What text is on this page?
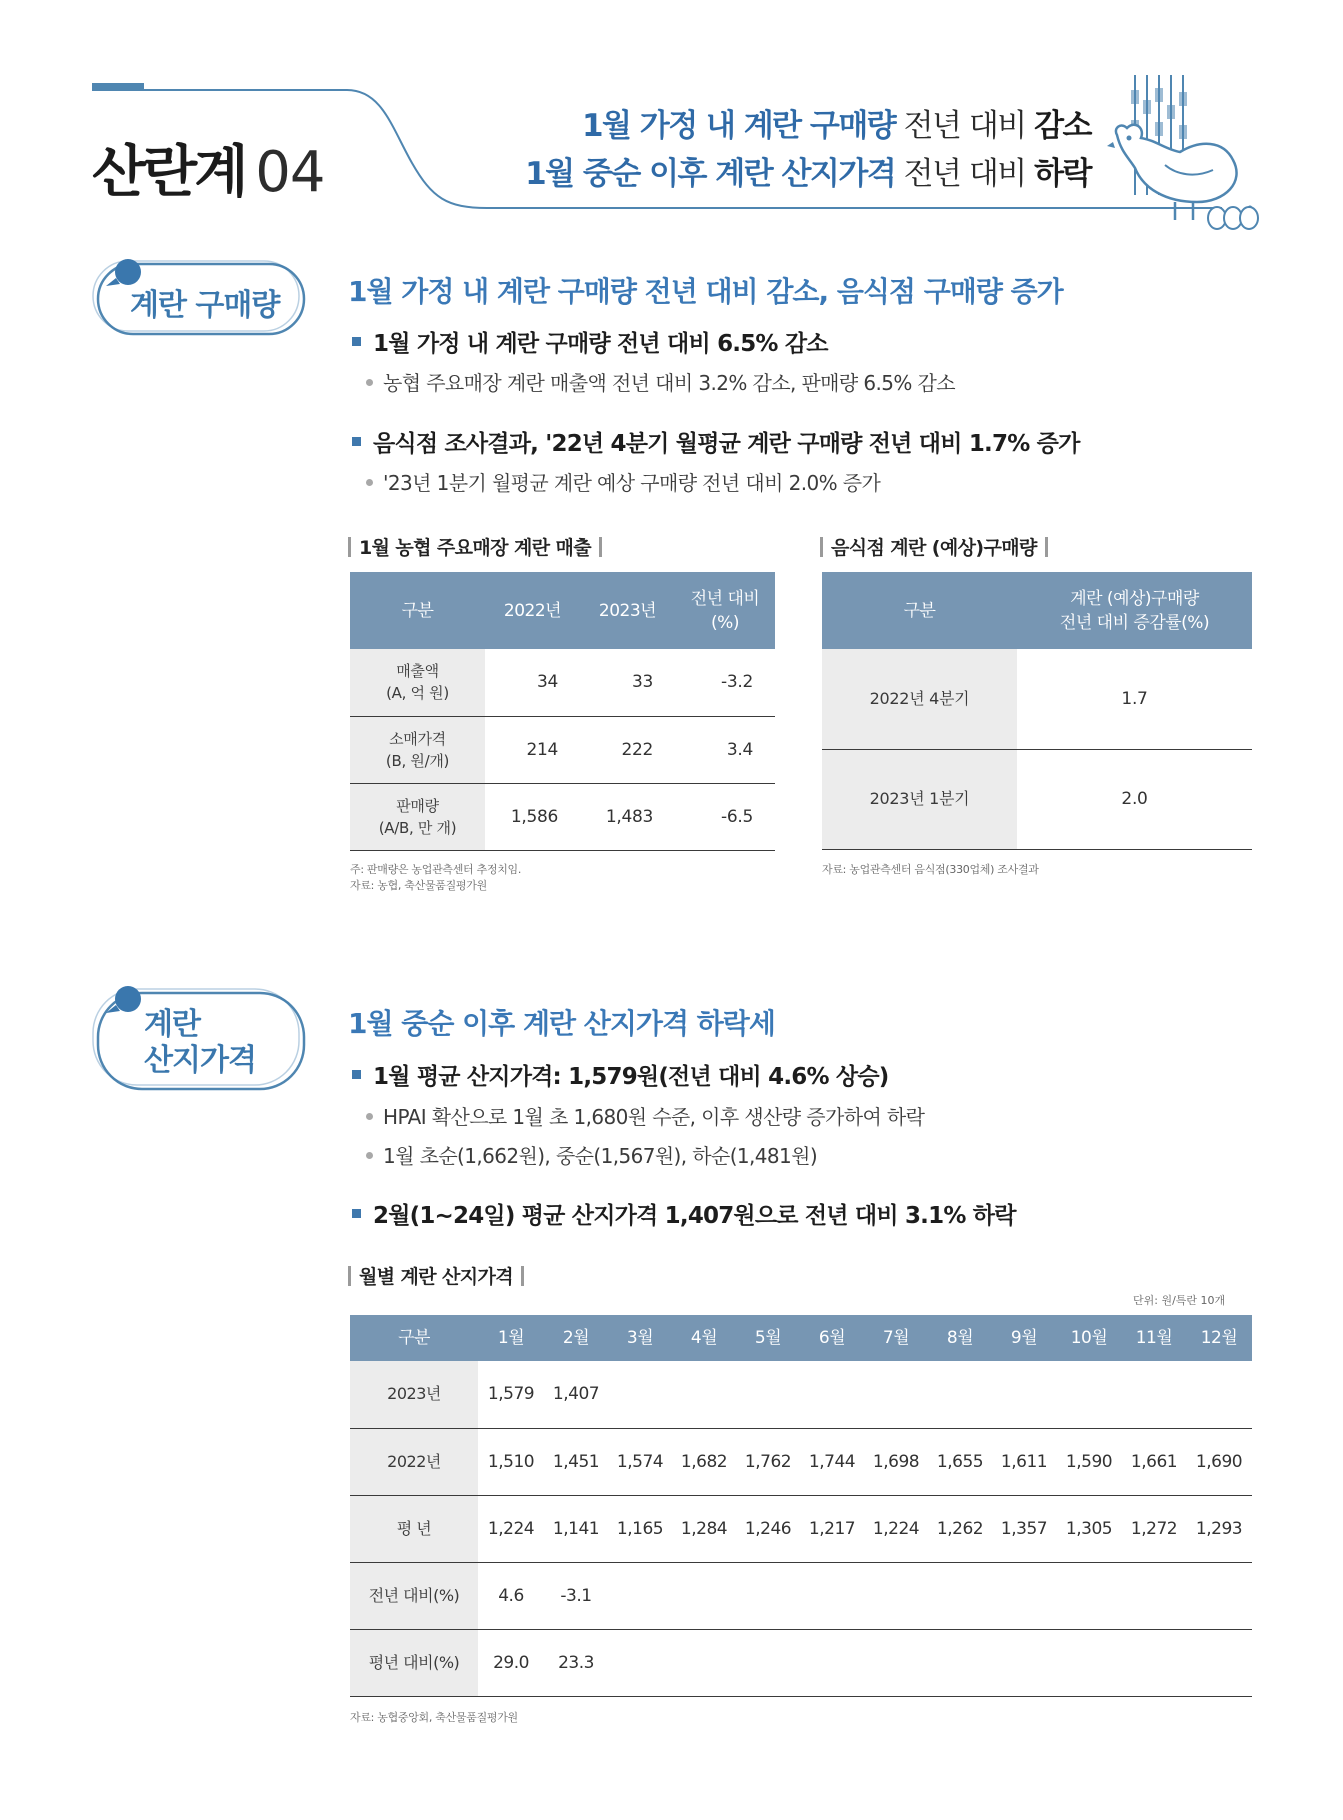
산란계 04
1월 가정 내 계란 구매량 전년 대비 감소
1월 중순 이후 계란 산지가격 전년 대비 하락
계란 구매량 1월 가정 내 계란 구매량 전년 대비 감소, 음식점 구매량 증가
1월 가정 내 계란 구매량 전년 대비 6.5% 감소
농협 주요매장 계란 매출액 전년 대비 3.2% 감소, 판매량 6.5% 감소
음식점 조사결과, '22년 4분기 월평균 계란 구매량 전년 대비 1.7% 증가
'23년 1분기 월평균 계란 예상 구매량 전년 대비 2.0% 증가
1월 농협 주요매장 계란 매출
구분	2022년	2023년	전년 대비
(%)
매출액
(A, 억 원)	34	33	-3.2
소매가격
(B, 원/개)	214	222	3.4
판매량
(A/B, 만 개)	1,586	1,483	-6.5
주: 판매량은 농업관측센터 추정치임.
자료: 농협, 축산물품질평가원
음식점 계란 (예상)구매량
구분	계란 (예상)구매량
전년 대비 증감률(%)
2022년 4분기	1.7
2023년 1분기	2.0
자료: 농업관측센터 음식점(330업체) 조사결과
계란
산지가격
1월 중순 이후 계란 산지가격 하락세
1월 평균 산지가격: 1,579원(전년 대비 4.6% 상승)
HPAI 확산으로 1월 초 1,680원 수준, 이후 생산량 증가하여 하락
1월 초순(1,662원), 중순(1,567원), 하순(1,481원)
2월(1~24일) 평균 산지가격 1,407원으로 전년 대비 3.1% 하락
월별 계란 산지가격
단위: 원/특란 10개
구분	1월	2월	3월	4월	5월	6월	7월	8월	9월	10월	11월	12월
2023년	1,579	1,407										
2022년	1,510	1,451	1,574	1,682	1,762	1,744	1,698	1,655	1,611	1,590	1,661	1,690
평 년	1,224	1,141	1,165	1,284	1,246	1,217	1,224	1,262	1,357	1,305	1,272	1,293
전년 대비(%)	4.6	-3.1										
평년 대비(%)	29.0	23.3										
자료: 농협중앙회, 축산물품질평가원
